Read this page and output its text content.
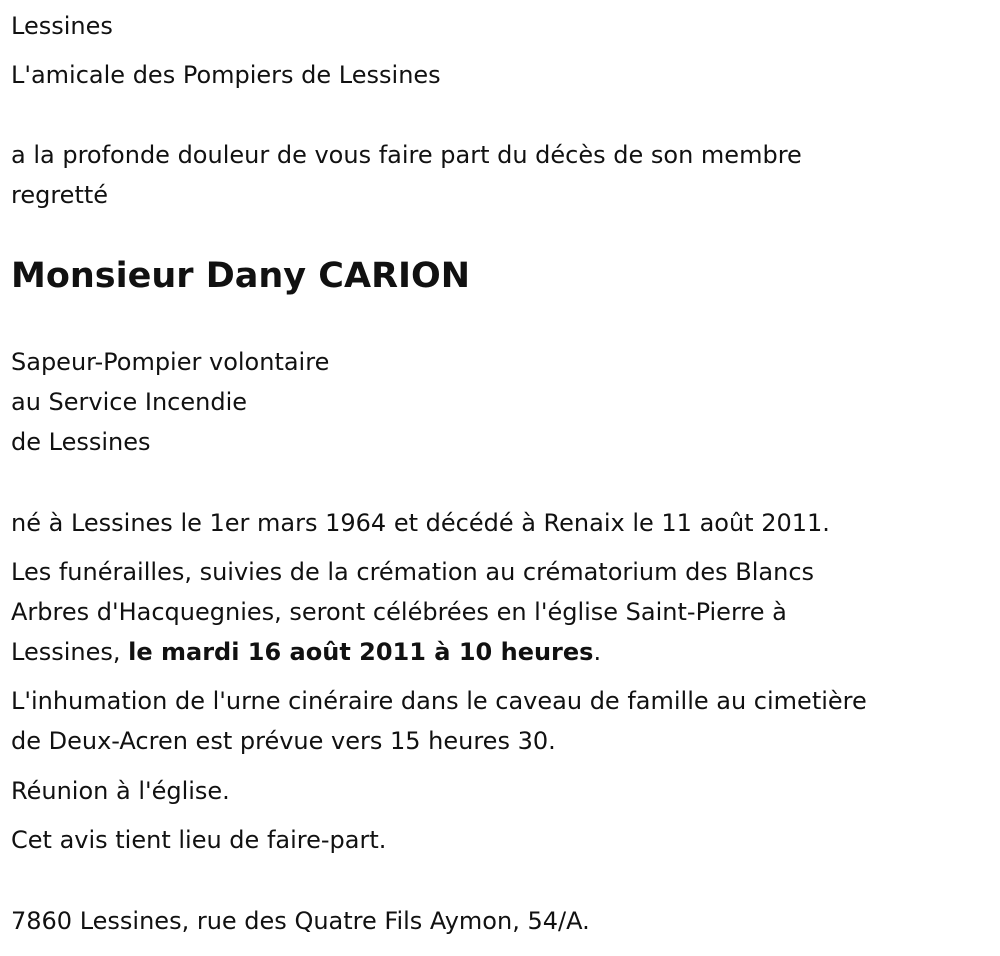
Lessines

L'amicale des Pompiers de Lessines

a la profonde douleur de vous faire part du décès de son membre

regretté

Monsieur Dany CARION

Sapeur-Pompier volontaire

au Service Incendie

de Lessines

né à Lessines le 1er mars 1964 et décédé à Renaix le 11 août 2011.

Les funérailles, suivies de la crémation au crématorium des Blancs

Arbres d'Hacquegnies, seront célébrées en l'église Saint-Pierre à

Lessines, le mardi 16 août 2011 à 10 heures.

L'inhumation de l'urne cinéraire dans le caveau de famille au cimetière

de Deux-Acren est prévue vers 15 heures 30.

Réunion à l'église.

Cet avis tient lieu de faire-part.

7860 Lessines, rue des Quatre Fils Aymon, 54/A.
